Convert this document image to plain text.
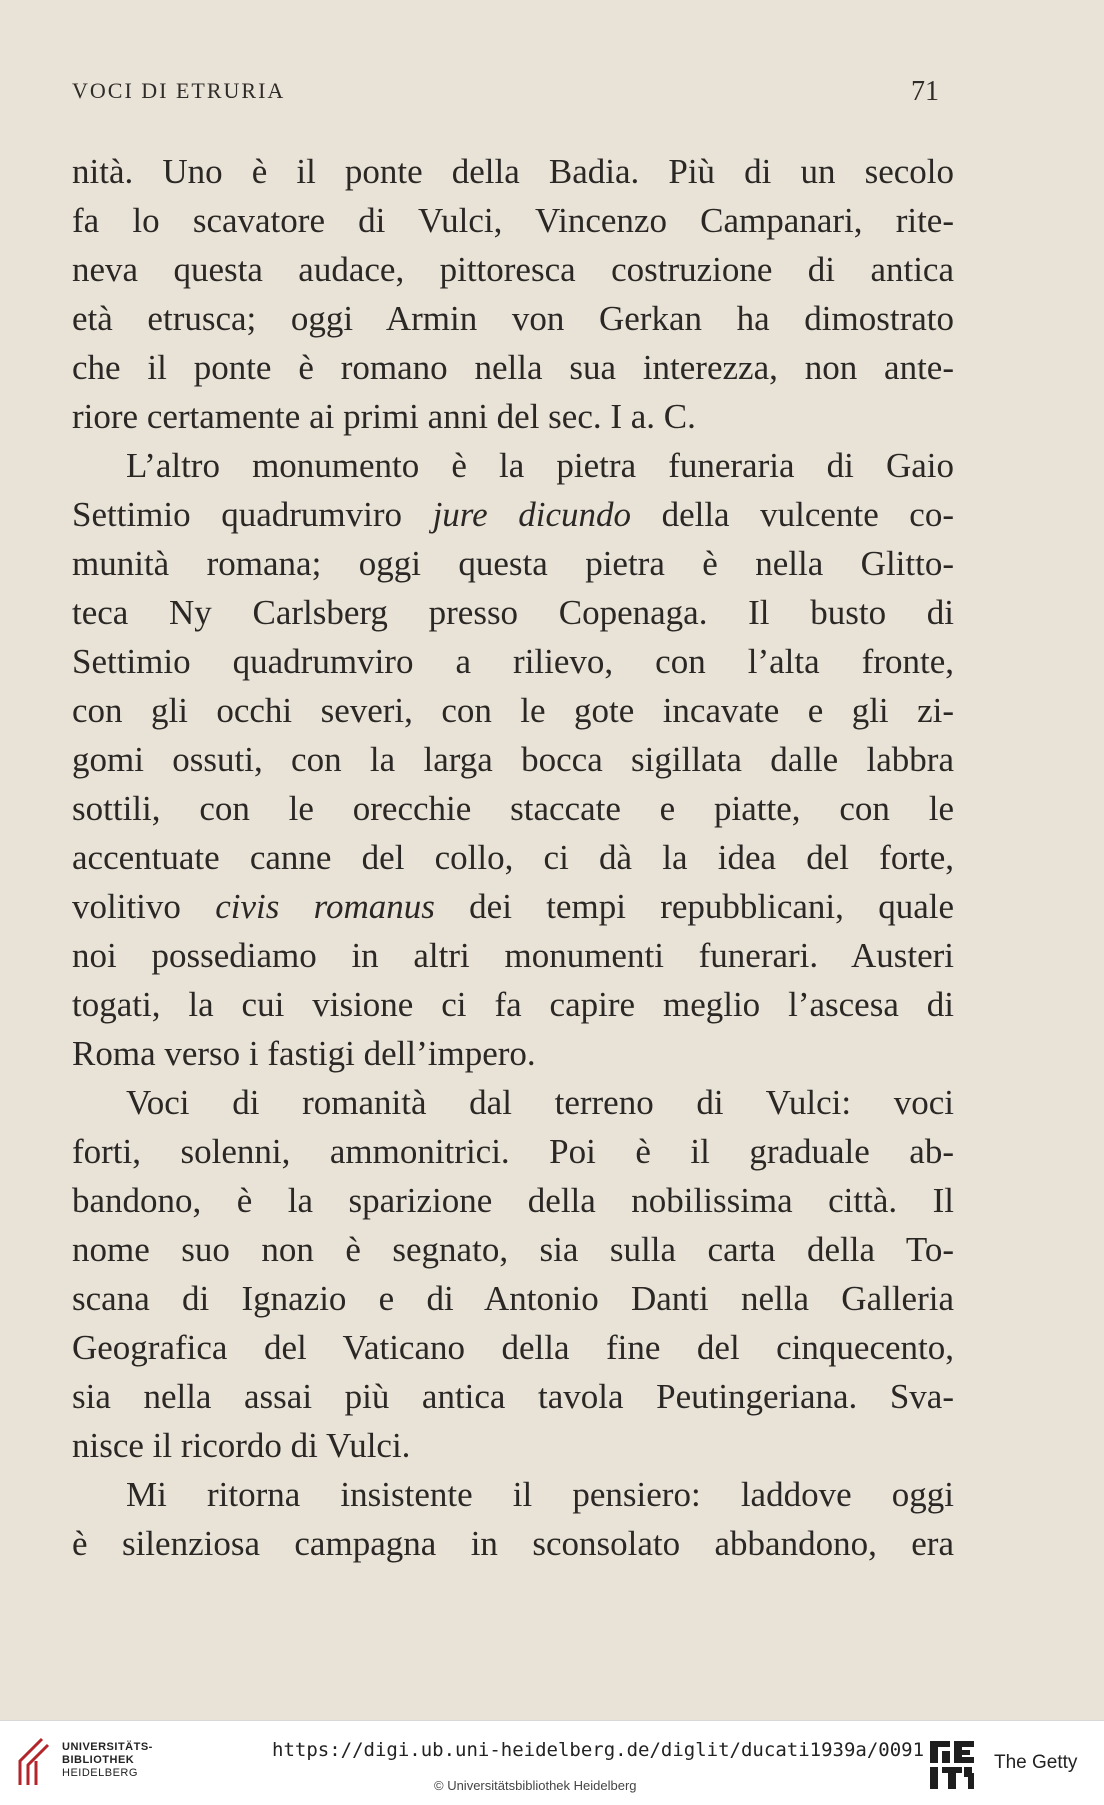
VOCI DI ETRURIA	71
nità. Uno è il ponte della Badia. Più di un secolo
fa lo scavatore di Vulci, Vincenzo Campanari, rite-
neva questa audace, pittoresca costruzione di antica
età etrusca; oggi Armin von Gerkan ha dimostrato
che il ponte è romano nella sua interezza, non ante-
riore certamente ai primi anni del sec. I a. C.
L’altro monumento è la pietra funeraria di Gaio
Settimio quadrumviro jure dicundo della vulcente co-
munità romana; oggi questa pietra è nella Glitto-
teca Ny Carlsberg presso Copenaga. Il busto di
Settimio quadrumviro a rilievo, con l’alta fronte,
con gli occhi severi, con le gote incavate e gli zi-
gomi ossuti, con la larga bocca sigillata dalle labbra
sottili, con le orecchie staccate e piatte, con le
accentuate canne del collo, ci dà la idea del forte,
volitivo civis romanus dei tempi repubblicani, quale
noi possediamo in altri monumenti funerari. Austeri
togati, la cui visione ci fa capire meglio l’ascesa di
Roma verso i fastigi dell’impero.
Voci di romanità dal terreno di Vulci: voci
forti, solenni, ammonitrici. Poi è il graduale ab-
bandono, è la sparizione della nobilissima città. Il
nome suo non è segnato, sia sulla carta della To-
scana di Ignazio e di Antonio Danti nella Galleria
Geografica del Vaticano della fine del cinquecento,
sia nella assai più antica tavola Peutingeriana. Sva-
nisce il ricordo di Vulci.
Mi ritorna insistente il pensiero: laddove oggi
è silenziosa campagna in sconsolato abbandono, era
UNIVERSITÄTS-
BIBLIOTHEK
HEIDELBERG
https://digi.ub.uni-heidelberg.de/diglit/ducati1939a/0091
© Universitätsbibliothek Heidelberg
The Getty
